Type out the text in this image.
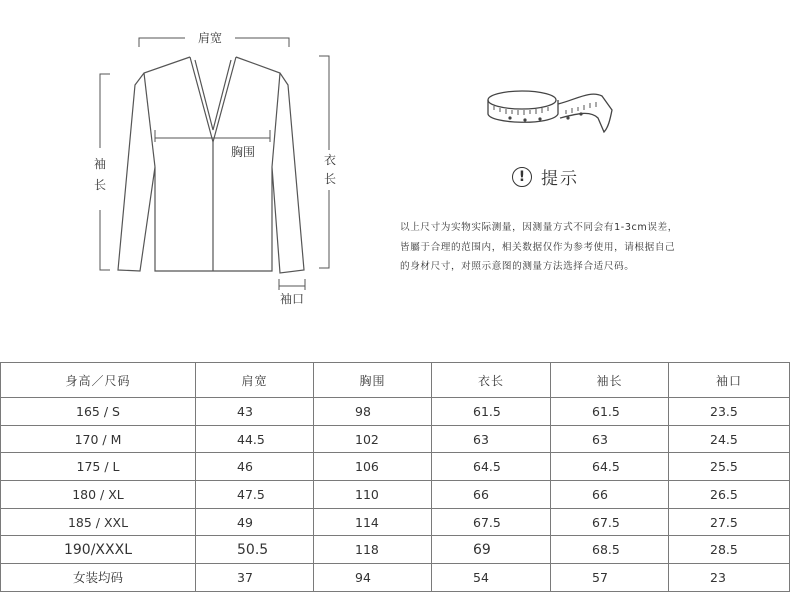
肩宽
胸围
衣长
袖长
袖口
! 提示
以上尺寸为实物实际测量，因测量方式不同会有1-3cm误差，
皆屬于合理的范围内，相关数据仅作为参考使用，请根据自己
的身材尺寸，对照示意图的测量方法选择合适尺码。
身高／尺码	肩宽	胸围	衣长	袖长	袖口
165 / S	43	98	61.5	61.5	23.5
170 / M	44.5	102	63	63	24.5
175 / L	46	106	64.5	64.5	25.5
180 / XL	47.5	110	66	66	26.5
185 / XXL	49	114	67.5	67.5	27.5
190/XXXL	50.5	118	69	68.5	28.5
女装均码	37	94	54	57	23
